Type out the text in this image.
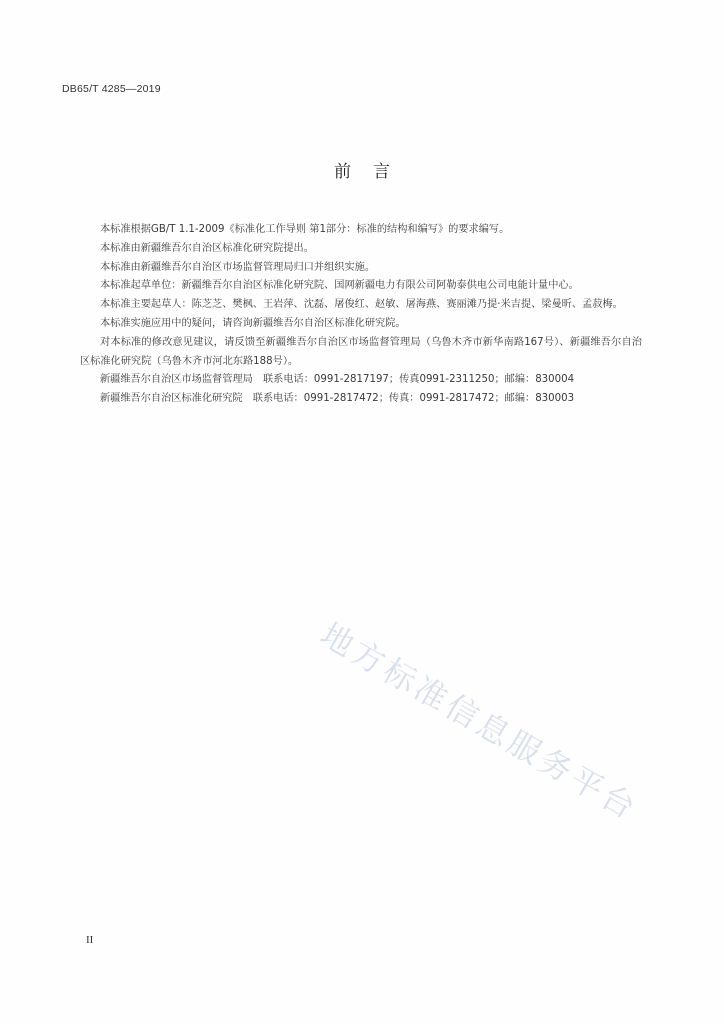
DB65/T 4285—2019
前言

本标准根据GB/T 1.1-2009《标准化工作导则 第1部分：标准的结构和编写》的要求编写。

本标准由新疆维吾尔自治区标准化研究院提出。

本标准由新疆维吾尔自治区市场监督管理局归口并组织实施。

本标准起草单位：新疆维吾尔自治区标准化研究院、国网新疆电力有限公司阿勒泰供电公司电能计量中心。

本标准主要起草人：陈芝芝、樊枫、王岩萍、沈磊、屠俊红、赵敏、屠海燕、赛丽滩乃提·米吉提、梁曼昕、孟菽梅。

本标准实施应用中的疑问，请咨询新疆维吾尔自治区标准化研究院。

对本标准的修改意见建议，请反馈至新疆维吾尔自治区市场监督管理局（乌鲁木齐市新华南路167号）、新疆维吾尔自治区标准化研究院（乌鲁木齐市河北东路188号）。

新疆维吾尔自治区市场监督管理局　联系电话：0991-2817197；传真0991-2311250；邮编：830004

新疆维吾尔自治区标准化研究院　联系电话：0991-2817472；传真：0991-2817472；邮编：830003

地方标准信息服务平台
II
